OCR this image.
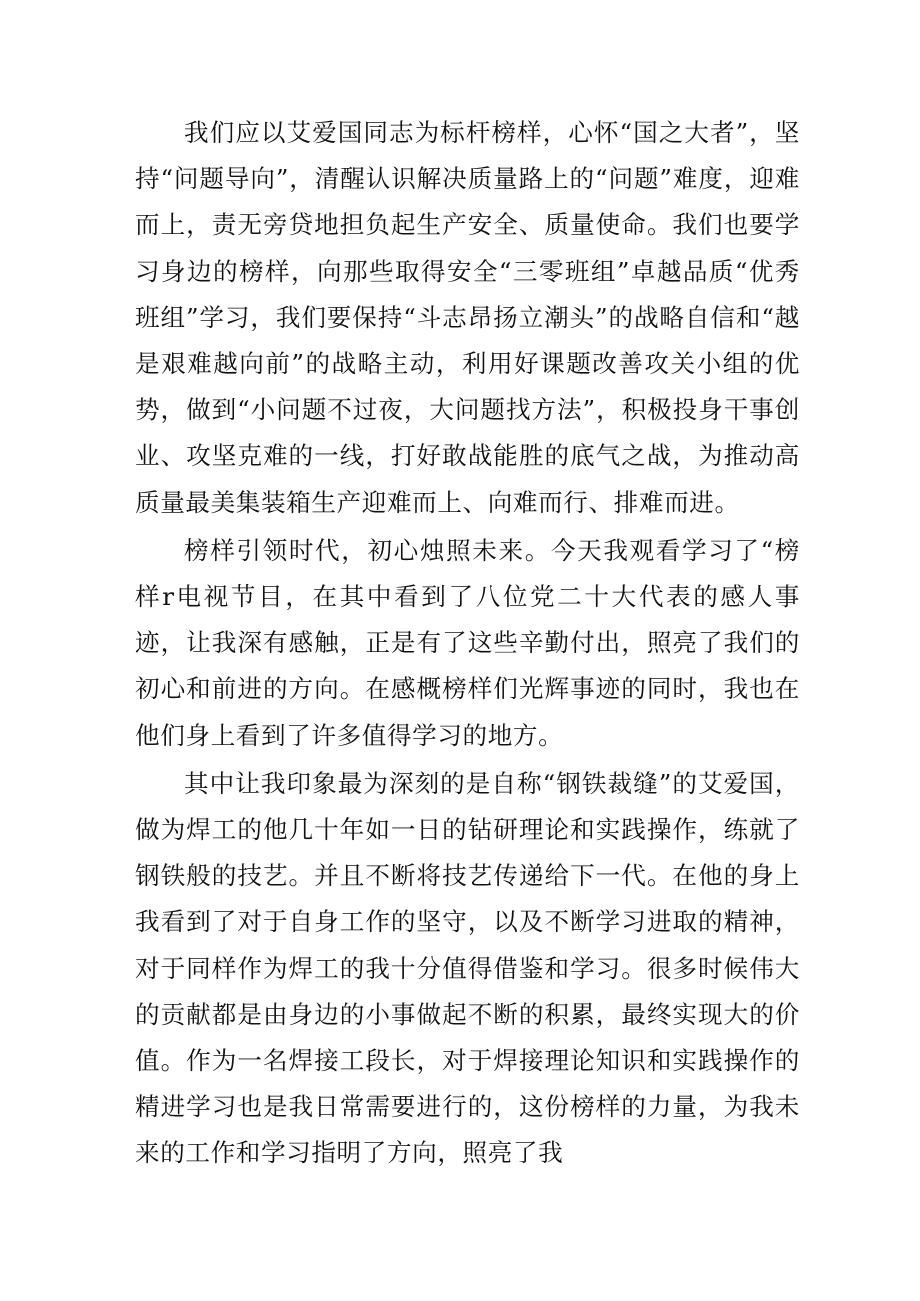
我们应以艾爱国同志为标杆榜样，心怀“国之大者”，坚持“问题导向”，清醒认识解决质量路上的“问题”难度，迎难而上，责无旁贷地担负起生产安全、质量使命。我们也要学习身边的榜样，向那些取得安全“三零班组”卓越品质“优秀班组”学习，我们要保持“斗志昂扬立潮头”的战略自信和“越是艰难越向前”的战略主动，利用好课题改善攻关小组的优势，做到“小问题不过夜，大问题找方法”，积极投身干事创业、攻坚克难的一线，打好敢战能胜的底气之战，为推动高质量最美集装箱生产迎难而上、向难而行、排难而进。

榜样引领时代，初心烛照未来。今天我观看学习了“榜样r电视节目，在其中看到了八位党二十大代表的感人事迹，让我深有感触，正是有了这些辛勤付出，照亮了我们的初心和前进的方向。在感概榜样们光辉事迹的同时，我也在他们身上看到了许多值得学习的地方。

其中让我印象最为深刻的是自称“钢铁裁缝”的艾爱国，做为焊工的他几十年如一日的钻研理论和实践操作，练就了钢铁般的技艺。并且不断将技艺传递给下一代。在他的身上我看到了对于自身工作的坚守，以及不断学习进取的精神，对于同样作为焊工的我十分值得借鉴和学习。很多时候伟大的贡献都是由身边的小事做起不断的积累，最终实现大的价值。作为一名焊接工段长，对于焊接理论知识和实践操作的精进学习也是我日常需要进行的，这份榜样的力量，为我未来的工作和学习指明了方向，照亮了我
